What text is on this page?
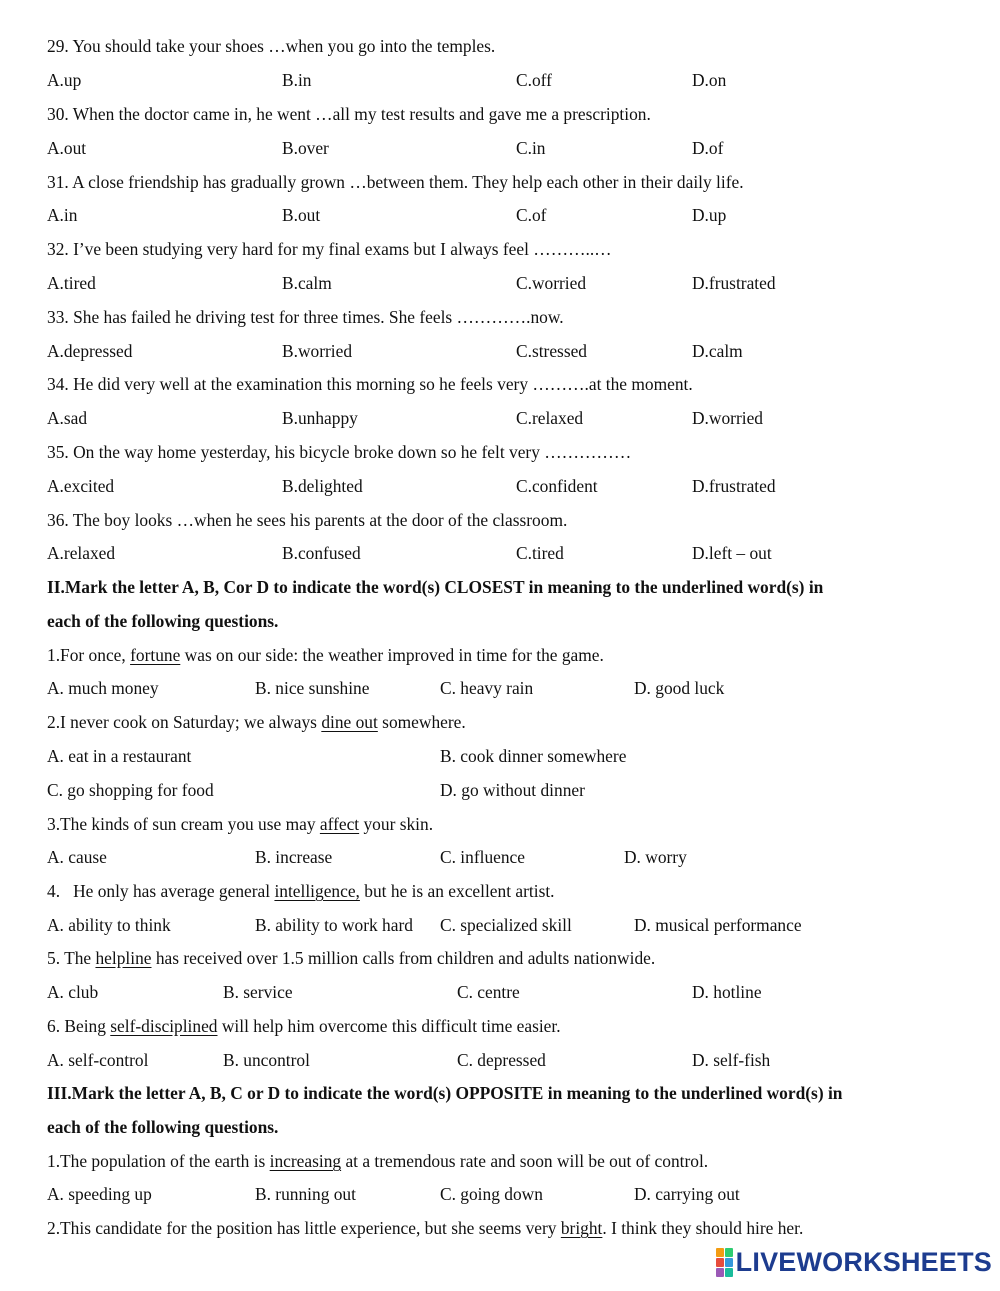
29. You should take your shoes …when you go into the temples.
A.up	B.in	C.off	D.on
30. When the doctor came in, he went …all my test results and gave me a prescription.
A.out	B.over	C.in	D.of
31. A close friendship has gradually grown …between them. They help each other in their daily life.
A.in	B.out	C.of	D.up
32. I’ve been studying very hard for my final exams but I always feel ………..…
A.tired	B.calm	C.worried	D.frustrated
33. She has failed he driving test for three times. She feels ………….now.
A.depressed	B.worried	C.stressed	D.calm
34. He did very well at the examination this morning so he feels very ……….at the moment.
A.sad	B.unhappy	C.relaxed	D.worried
35. On the way home yesterday, his bicycle broke down so he felt very ……………
A.excited	B.delighted	C.confident	D.frustrated
36. The boy looks …when he sees his parents at the door of the classroom.
A.relaxed	B.confused	C.tired	D.left – out
II.Mark the letter A, B, Cor D to indicate the word(s) CLOSEST in meaning to the underlined word(s) in
each of the following questions.
1.For once, fortune was on our side: the weather improved in time for the game.
A. much money	B. nice sunshine	C. heavy rain	D. good luck
2.I never cook on Saturday; we always dine out somewhere.
A. eat in a restaurant	B. cook dinner somewhere
C. go shopping for food	D. go without dinner
3.The kinds of sun cream you use may affect your skin.
A. cause	B. increase	C. influence	D. worry
4.   He only has average general intelligence, but he is an excellent artist.
A. ability to think	B. ability to work hard C. specialized skill	D. musical performance
5. The helpline has received over 1.5 million calls from children and adults nationwide.
A. club	B. service	C. centre	D. hotline
6. Being self-disciplined will help him overcome this difficult time easier.
A. self-control	B. uncontrol	C. depressed	D. self-fish
III.Mark the letter A, B, C or D to indicate the word(s) OPPOSITE in meaning to the underlined word(s) in
each of the following questions.
1.The population of the earth is increasing at a tremendous rate and soon will be out of control.
A. speeding up	B. running out	C. going down	D. carrying out
2.This candidate for the position has little experience, but she seems very bright. I think they should hire her.
LIVEWORKSHEETS
